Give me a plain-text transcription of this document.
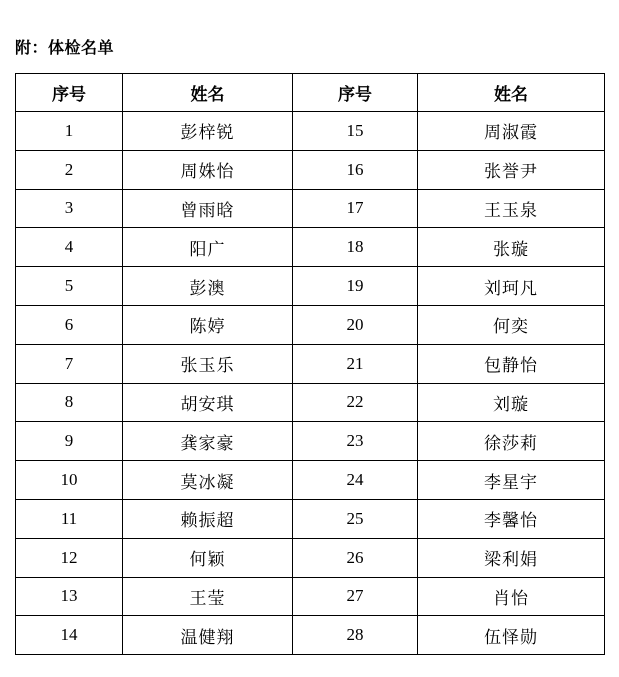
附：体检名单
序号	姓名	序号	姓名
1	彭梓锐	15	周淑霞
2	周姝怡	16	张誉尹
3	曾雨晗	17	王玉泉
4	阳广	18	张璇
5	彭澳	19	刘珂凡
6	陈婷	20	何奕
7	张玉乐	21	包静怡
8	胡安琪	22	刘璇
9	龚家豪	23	徐莎莉
10	莫冰凝	24	李星宇
11	赖振超	25	李馨怡
12	何颖	26	梁利娟
13	王莹	27	肖怡
14	温健翔	28	伍怿勋
